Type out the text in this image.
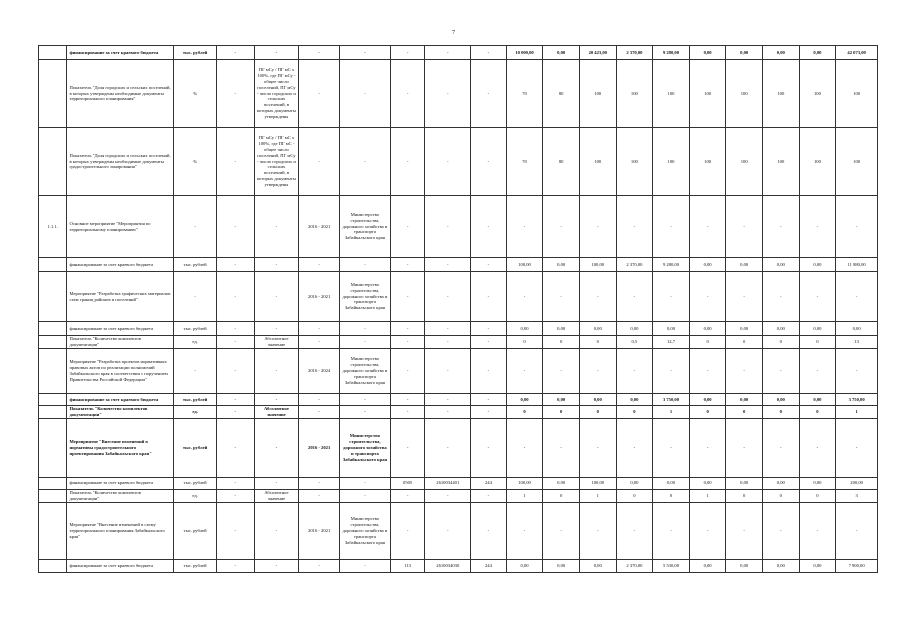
7
	финансирование за счет краевого бюджета	тыс. рублей	-	-	-	-	-	-	-	10 000,00	0,00	20 423,00	2 370,00	9 280,00	0,00	0,00	0,00	0,00	42 073,00
	Показатель "Доля городских и сельских поселений, в которых утверждены необходимые документы территориального планирования"	%	-	ПГ мСу / ПГ мС х 100%, где ПГ мСу - общее число поселений, ПГ мСу - число городских и сельских поселений, в которых документы утверждены	-	-	-	-	-	70	80	100	100	100	100	100	100	100	100
	Показатель "Доля городских и сельских поселений, в которых утверждены необходимые документы градостроительного зонирования"	%	-	ПГ мСу / ПГ мС х 100%, где ПГ мС - общее число поселений, ПГ мСу - число городских и сельских поселений, в которых документы утверждены	-	-	-	-	-	70	80	100	100	100	100	100	100	100	100
1.1.1.	Основное мероприятие "Мероприятия по территориальному планированию"	-	-	-	2016 - 2021	Министерство строительства, дорожного хозяйства и транспорта Забайкальского края	-	-	-	-	-	-	-	-	-	-	-	-	-
	финансирование за счет краевого бюджета	тыс. рублей	-	-	-	-	-	-	-	100,00	0,00	100,00	2 370,00	9 280,00	0,00	0,00	0,00	0,00	11 880,00
	Мероприятие "Разработка графических материалов схем границ районов и поселений"	-	-	-	2016 - 2021	Министерство строительства, дорожного хозяйства и транспорта Забайкальского края	-	-	-	-	-	-	-	-	-	-	-	-	-
	финансирование за счет краевого бюджета	тыс. рублей	-	-	-	-	-	-	-	0,00	0,00	0,00	0,00	0,00	0,00	0,00	0,00	0,00	0,00
	Показатель "Количество комплектов документации"	ед.	-	Абсолютное значение	-	-	-	-	-	0	0	0	0,5	12,7	0	0	0	0	13
	Мероприятие "Разработка проектов нормативных правовых актов по реализации полномочий Забайкальского края в соответствии с поручением Правительства Российской Федерации"	-	-	-	2016 - 2024	Министерство строительства, дорожного хозяйства и транспорта Забайкальского края	-	-	-	-	-	-	-	-	-	-	-	-	-
	финансирование за счет краевого бюджета	тыс. рублей	-	-	-	-	-	-	-	0,00	0,00	0,00	0,00	3 750,00	0,00	0,00	0,00	0,00	3 750,00
	Показатель "Количество комплектов документации"	ед.	-	Абсолютное значение	-	-	-	-	-	0	0	0	0	1	0	0	0	0	1
	Мероприятие "Внесение изменений в нормативы градостроительного проектирования Забайкальского края"	тыс. рублей	-	-	2016 - 2021	Министерство строительства, дорожного хозяйства и транспорта Забайкальского края	-	-	-	-	-	-	-	-	-	-	-	-	-
	финансирование за счет краевого бюджета	тыс. рублей	-	-	-	-	0505	2610034401	244	100,00	0,00	100,00	0,00	0,00	0,00	0,00	0,00	0,00	200,00
	Показатель "Количество комплектов документации"	ед.	-	Абсолютное значение	-	-	-	-	-	1	0	1	0	0	1	0	0	0	3
	Мероприятие "Внесение изменений в схему территориального планирования Забайкальского края"	тыс. рублей	-	-	2016 - 2021	Министерство строительства, дорожного хозяйства и транспорта Забайкальского края	-	-	-	-	-	-	-	-	-	-	-	-	-
	финансирование за счет краевого бюджета	тыс. рублей	-	-	-	-	113	2610034030	244	0,00	0,00	0,00	2 370,00	5 530,00	0,00	0,00	0,00	0,00	7 900,00
